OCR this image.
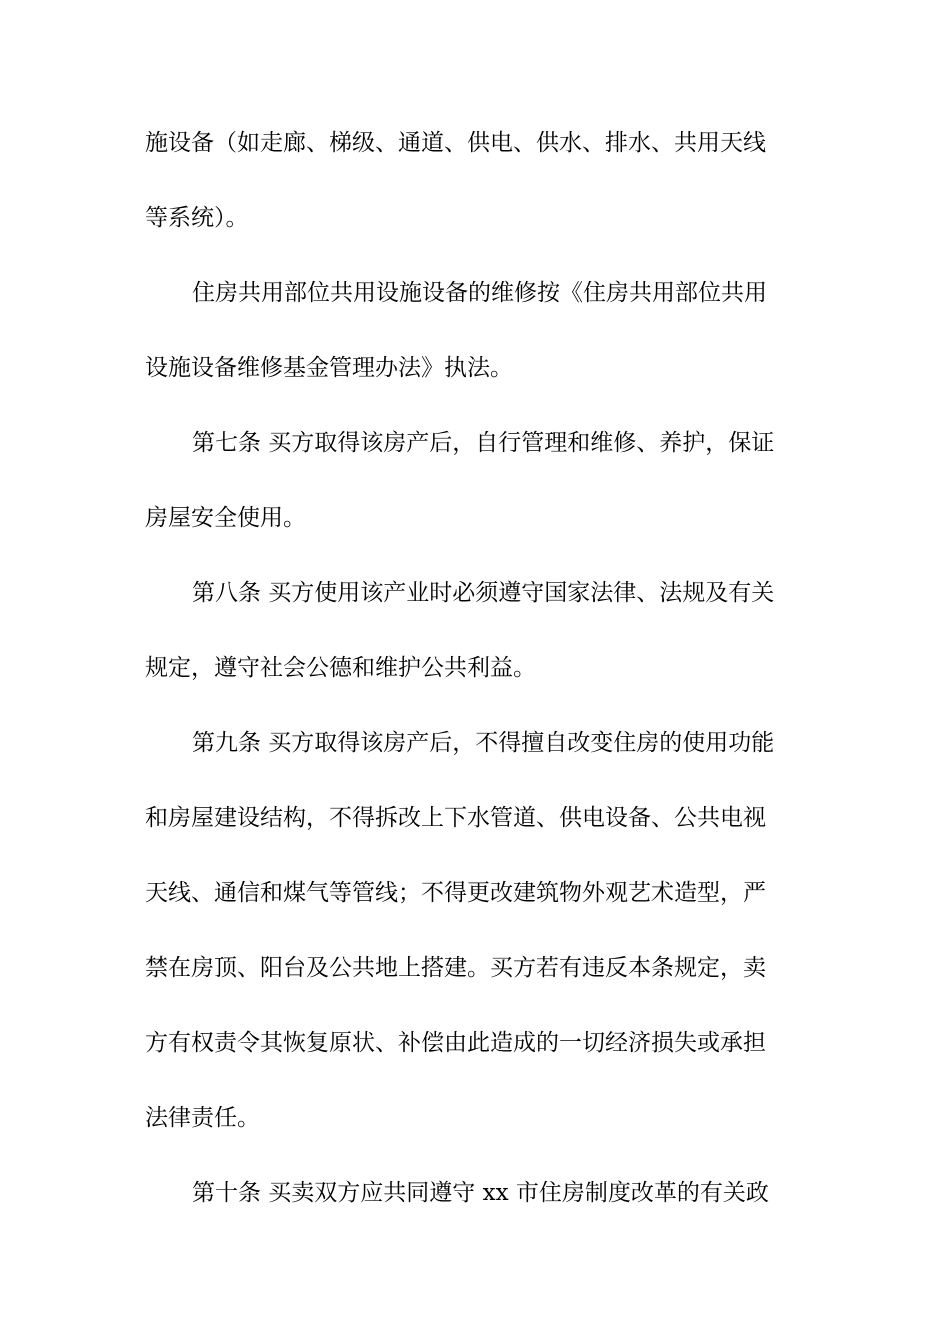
施设备（如走廊、梯级、通道、供电、供水、排水、共用天线
等系统）。
住房共用部位共用设施设备的维修按《住房共用部位共用
设施设备维修基金管理办法》执法。
第七条 买方取得该房产后，自行管理和维修、养护，保证
房屋安全使用。
第八条 买方使用该产业时必须遵守国家法律、法规及有关
规定，遵守社会公德和维护公共利益。
第九条 买方取得该房产后，不得擅自改变住房的使用功能
和房屋建设结构，不得拆改上下水管道、供电设备、公共电视
天线、通信和煤气等管线；不得更改建筑物外观艺术造型，严
禁在房顶、阳台及公共地上搭建。买方若有违反本条规定，卖
方有权责令其恢复原状、补偿由此造成的一切经济损失或承担
法律责任。
第十条 买卖双方应共同遵守 xx 市住房制度改革的有关政
